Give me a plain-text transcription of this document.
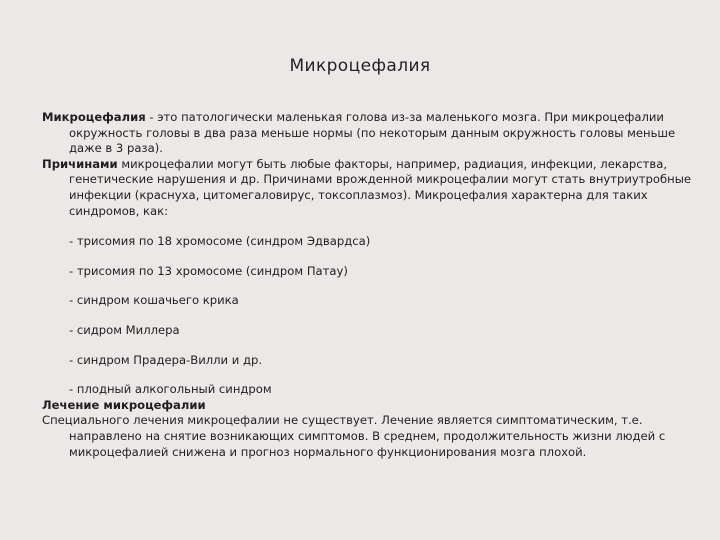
Микроцефалия

Микроцефалия - это патологически маленькая голова из-за маленького мозга. При микроцефалии окружность головы в два раза меньше нормы (по некоторым данным окружность головы меньше даже в 3 раза).

Причинами микроцефалии могут быть любые факторы, например, радиация, инфекции, лекарства, генетические нарушения и др. Причинами врожденной микроцефалии могут стать внутриутробные инфекции (краснуха, цитомегаловирус, токсоплазмоз). Микроцефалия характерна для таких синдромов, как:

- трисомия по 18 хромосоме (синдром Эдвардса)

- трисомия по 13 хромосоме (синдром Патау)

- синдром кошачьего крика

- сидром Миллера

- синдром Прадера-Вилли и др.

- плодный алкогольный синдром

Лечение микроцефалии

Специального лечения микроцефалии не существует. Лечение является симптоматическим, т.е. направлено на снятие возникающих симптомов. В среднем, продолжительность жизни людей с микроцефалией снижена и прогноз нормального функционирования мозга плохой.
